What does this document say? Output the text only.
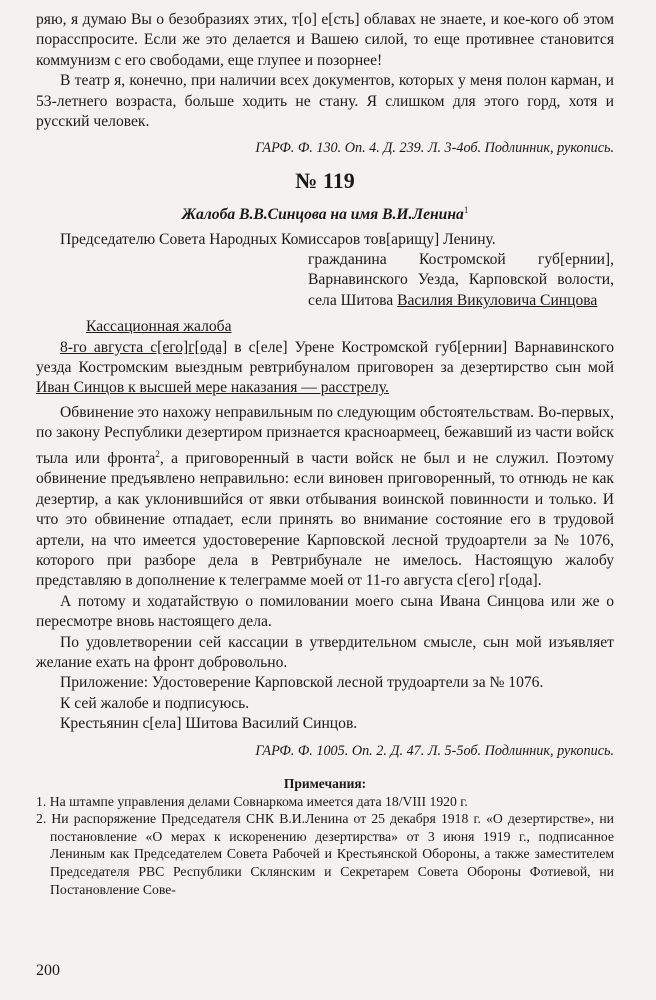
ряю, я думаю Вы о безобразиях этих, т[о] е[сть] облавах не знаете, и кое-кого об этом порасспросите. Если же это делается и Вашею силой, то еще противнее становится коммунизм с его свободами, еще глупее и позорнее!

В театр я, конечно, при наличии всех документов, которых у меня полон карман, и 53-летнего возраста, больше ходить не стану. Я слишком для этого горд, хотя и русский человек.

ГАРФ. Ф. 130. Оп. 4. Д. 239. Л. 3-4об. Подлинник, рукопись.

№ 119

Жалоба В.В.Синцова на имя В.И.Ленина$^1$

Председателю Совета Народных Комиссаров тов[арищу] Ленину.

гражданина Костромской губ[ернии], Варнавинского Уезда, Карповской волости, села Шитова Василия Викуловича Синцова

Кассационная жалоба

8-го августа с[его]г[ода] в с[еле] Урене Костромской губ[ернии] Варнавинского уезда Костромским выездным ревтрибуналом приговорен за дезертирство сын мой Иван Синцов к высшей мере наказания — расстрелу.

Обвинение это нахожу неправильным по следующим обстоятельствам. Во-первых, по закону Республики дезертиром признается красноармеец, бежавший из части войск тыла или фронта$^2$, а приговоренный в части войск не был и не служил. Поэтому обвинение предъявлено неправильно: если виновен приговоренный, то отнюдь не как дезертир, а как уклонившийся от явки отбывания воинской повинности и только. И что это обвинение отпадает, если принять во внимание состояние его в трудовой артели, на что имеется удостоверение Карповской лесной трудоартели за № 1076, которого при разборе дела в Ревтрибунале не имелось. Настоящую жалобу представляю в дополнение к телеграмме моей от 11-го августа с[его] г[ода].

А потому и ходатайствую о помиловании моего сына Ивана Синцова или же о пересмотре вновь настоящего дела.

По удовлетворении сей кассации в утвердительном смысле, сын мой изъявляет желание ехать на фронт добровольно.

Приложение: Удостоверение Карповской лесной трудоартели за № 1076.

К сей жалобе и подписуюсь.

Крестьянин с[ела] Шитова Василий Синцов.

ГАРФ. Ф. 1005. Оп. 2. Д. 47. Л. 5-5об. Подлинник, рукопись.

Примечания:

1. На штампе управления делами Совнаркома имеется дата 18/VIII 1920 г.

2. Ни распоряжение Председателя СНК В.И.Ленина от 25 декабря 1918 г. «О дезертирстве», ни постановление «О мерах к искоренению дезертирства» от 3 июня 1919 г., подписанное Лениным как Председателем Совета Рабочей и Крестьянской Обороны, а также заместителем Председателя РВС Республики Склянским и Секретарем Совета Обороны Фотиевой, ни Постановление Сове-

200
